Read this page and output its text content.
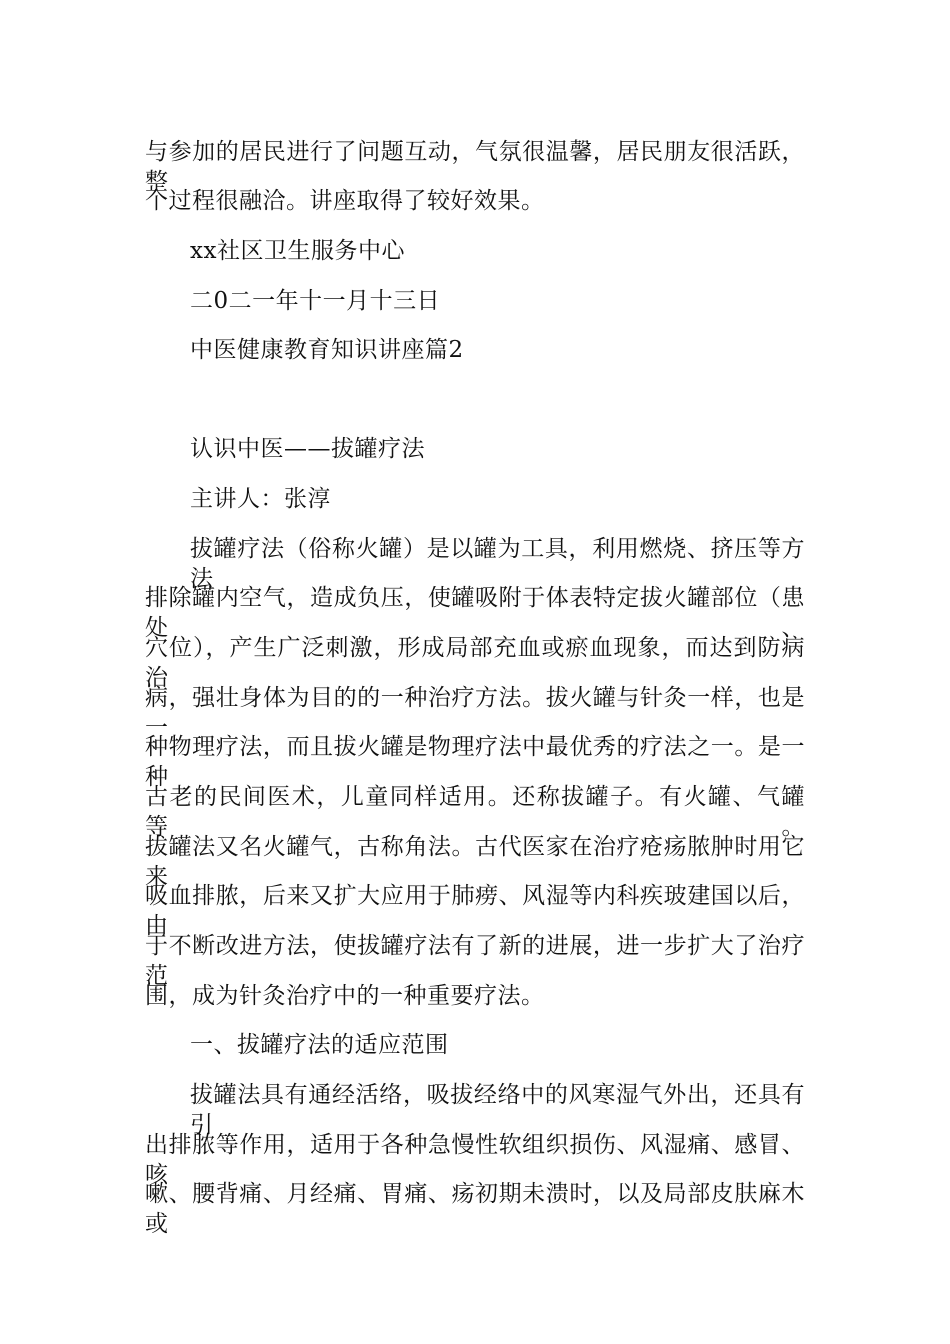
与参加的居民进行了问题互动，气氛很温馨，居民朋友很活跃，整
个过程很融洽。讲座取得了较好效果。
xx社区卫生服务中心
二0二一年十一月十三日
中医健康教育知识讲座篇2
认识中医——拔罐疗法
主讲人：张淳
拔罐疗法（俗称火罐）是以罐为工具，利用燃烧、挤压等方法
排除罐内空气，造成负压，使罐吸附于体表特定拔火罐部位（患处、
穴位），产生广泛刺激，形成局部充血或瘀血现象，而达到防病治
病，强壮身体为目的的一种治疗方法。拔火罐与针灸一样，也是一
种物理疗法，而且拔火罐是物理疗法中最优秀的疗法之一。是一种
古老的民间医术，儿童同样适用。还称拔罐子。有火罐、气罐等。
拔罐法又名火罐气，古称角法。古代医家在治疗疮疡脓肿时用它来
吸血排脓，后来又扩大应用于肺痨、风湿等内科疾玻建国以后，由
于不断改进方法，使拔罐疗法有了新的进展，进一步扩大了治疗范
围，成为针灸治疗中的一种重要疗法。
一、拔罐疗法的适应范围
拔罐法具有通经活络，吸拔经络中的风寒湿气外出，还具有引
出排脓等作用，适用于各种急慢性软组织损伤、风湿痛、感冒、咳
嗽、腰背痛、月经痛、胃痛、疡初期未溃时，以及局部皮肤麻木或
